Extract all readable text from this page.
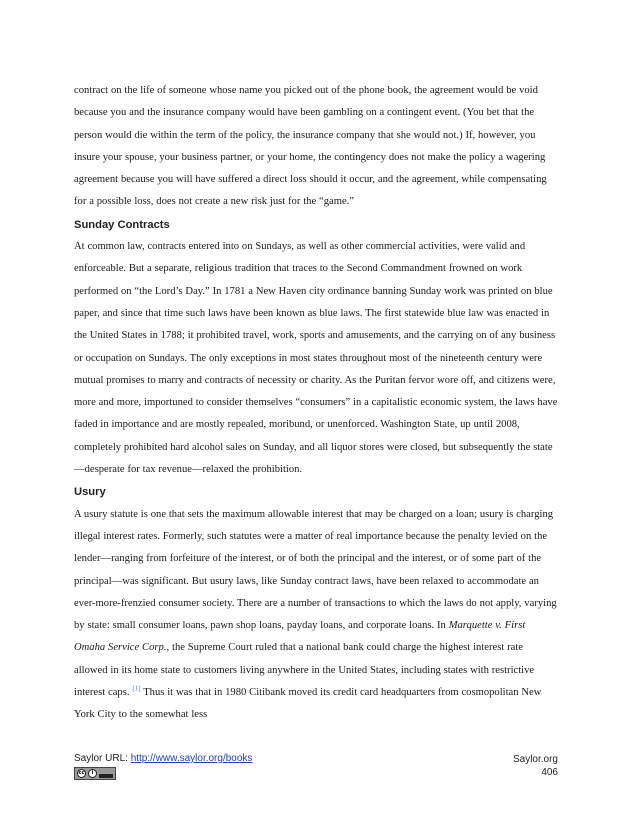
contract on the life of someone whose name you picked out of the phone book, the agreement would be void because you and the insurance company would have been gambling on a contingent event. (You bet that the person would die within the term of the policy, the insurance company that she would not.) If, however, you insure your spouse, your business partner, or your home, the contingency does not make the policy a wagering agreement because you will have suffered a direct loss should it occur, and the agreement, while compensating for a possible loss, does not create a new risk just for the “game.”

Sunday Contracts

At common law, contracts entered into on Sundays, as well as other commercial activities, were valid and enforceable. But a separate, religious tradition that traces to the Second Commandment frowned on work performed on “the Lord’s Day.” In 1781 a New Haven city ordinance banning Sunday work was printed on blue paper, and since that time such laws have been known as blue laws. The first statewide blue law was enacted in the United States in 1788; it prohibited travel, work, sports and amusements, and the carrying on of any business or occupation on Sundays. The only exceptions in most states throughout most of the nineteenth century were mutual promises to marry and contracts of necessity or charity. As the Puritan fervor wore off, and citizens were, more and more, importuned to consider themselves “consumers” in a capitalistic economic system, the laws have faded in importance and are mostly repealed, moribund, or unenforced. Washington State, up until 2008, completely prohibited hard alcohol sales on Sunday, and all liquor stores were closed, but subsequently the state—desperate for tax revenue—relaxed the prohibition.

Usury

A usury statute is one that sets the maximum allowable interest that may be charged on a loan; usury is charging illegal interest rates. Formerly, such statutes were a matter of real importance because the penalty levied on the lender—ranging from forfeiture of the interest, or of both the principal and the interest, or of some part of the principal—was significant. But usury laws, like Sunday contract laws, have been relaxed to accommodate an ever-more-frenzied consumer society. There are a number of transactions to which the laws do not apply, varying by state: small consumer loans, pawn shop loans, payday loans, and corporate loans. In Marquette v. First Omaha Service Corp., the Supreme Court ruled that a national bank could charge the highest interest rate allowed in its home state to customers living anywhere in the United States, including states with restrictive interest caps. [1] Thus it was that in 1980 Citibank moved its credit card headquarters from cosmopolitan New York City to the somewhat less

Saylor URL: http://www.saylor.org/books
cc	i
Saylor.org
406
